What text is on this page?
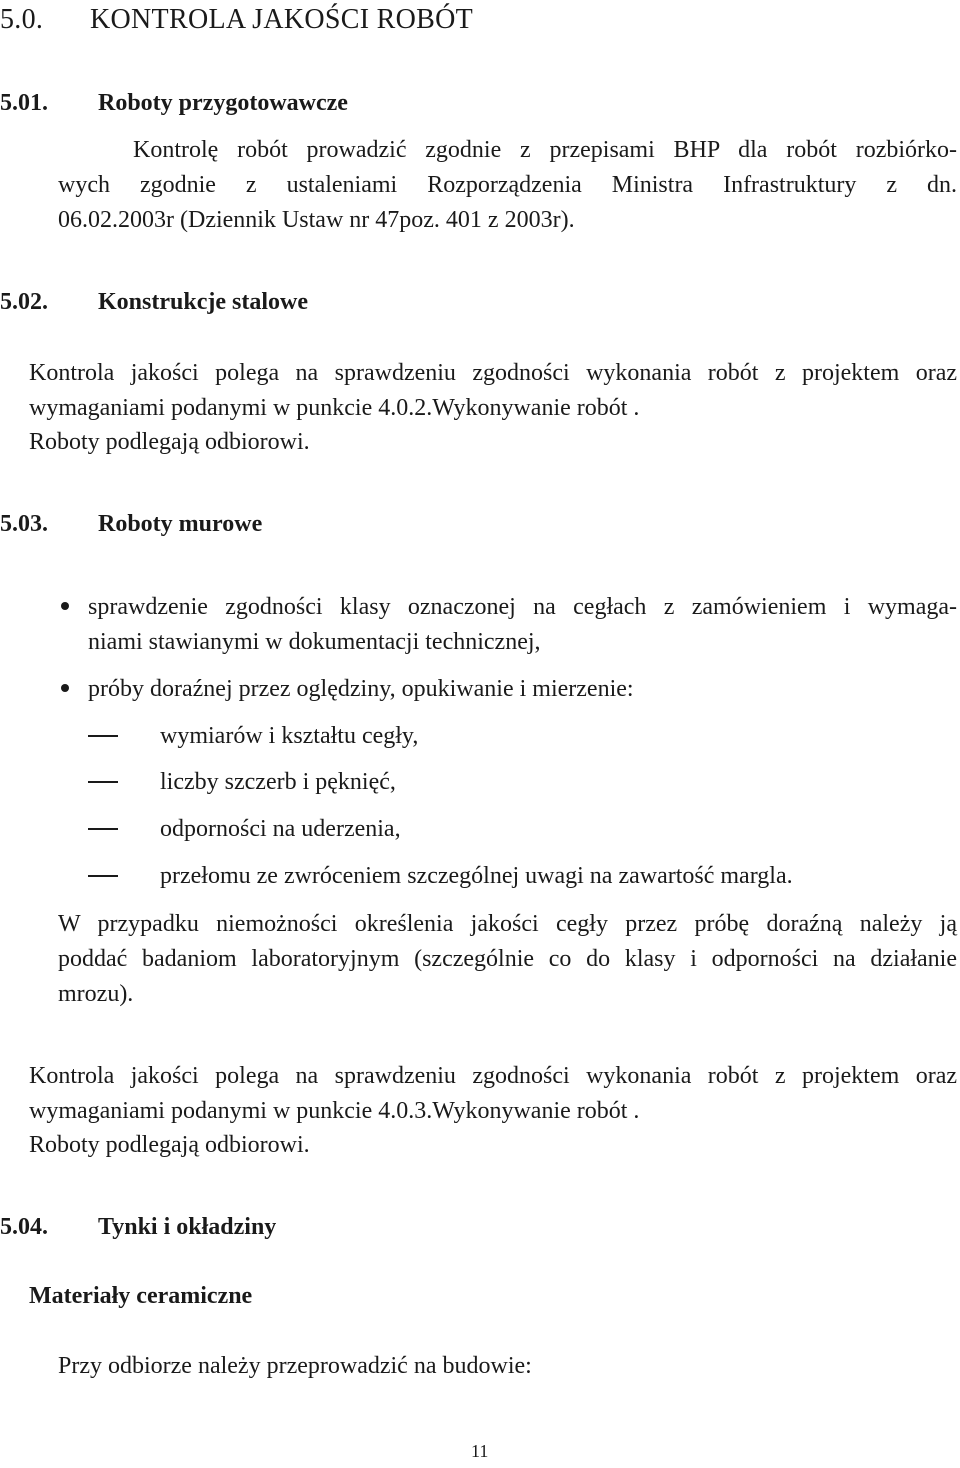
5.0. KONTROLA JAKOŚCI ROBÓT
5.01. Roboty przygotowawcze
Kontrolę robót prowadzić zgodnie z przepisami BHP dla robót rozbiórko-
wych zgodnie z ustaleniami Rozporządzenia Ministra Infrastruktury z dn.
06.02.2003r (Dziennik Ustaw nr 47poz. 401 z 2003r).
5.02. Konstrukcje stalowe
Kontrola jakości polega na sprawdzeniu zgodności wykonania robót z projektem oraz
wymaganiami podanymi w punkcie 4.0.2.Wykonywanie robót .
Roboty podlegają odbiorowi.
5.03. Roboty murowe
sprawdzenie zgodności klasy oznaczonej na cegłach z zamówieniem i wymaga-
niami stawianymi w dokumentacji technicznej,
próby doraźnej przez oględziny, opukiwanie i mierzenie:
wymiarów i kształtu cegły,
liczby szczerb i pęknięć,
odporności na uderzenia,
przełomu ze zwróceniem szczególnej uwagi na zawartość margla.
W przypadku niemożności określenia jakości cegły przez próbę doraźną należy ją
poddać badaniom laboratoryjnym (szczególnie co do klasy i odporności na działanie
mrozu).
Kontrola jakości polega na sprawdzeniu zgodności wykonania robót z projektem oraz
wymaganiami podanymi w punkcie 4.0.3.Wykonywanie robót .
Roboty podlegają odbiorowi.
5.04. Tynki i okładziny
Materiały ceramiczne
Przy odbiorze należy przeprowadzić na budowie:
11
